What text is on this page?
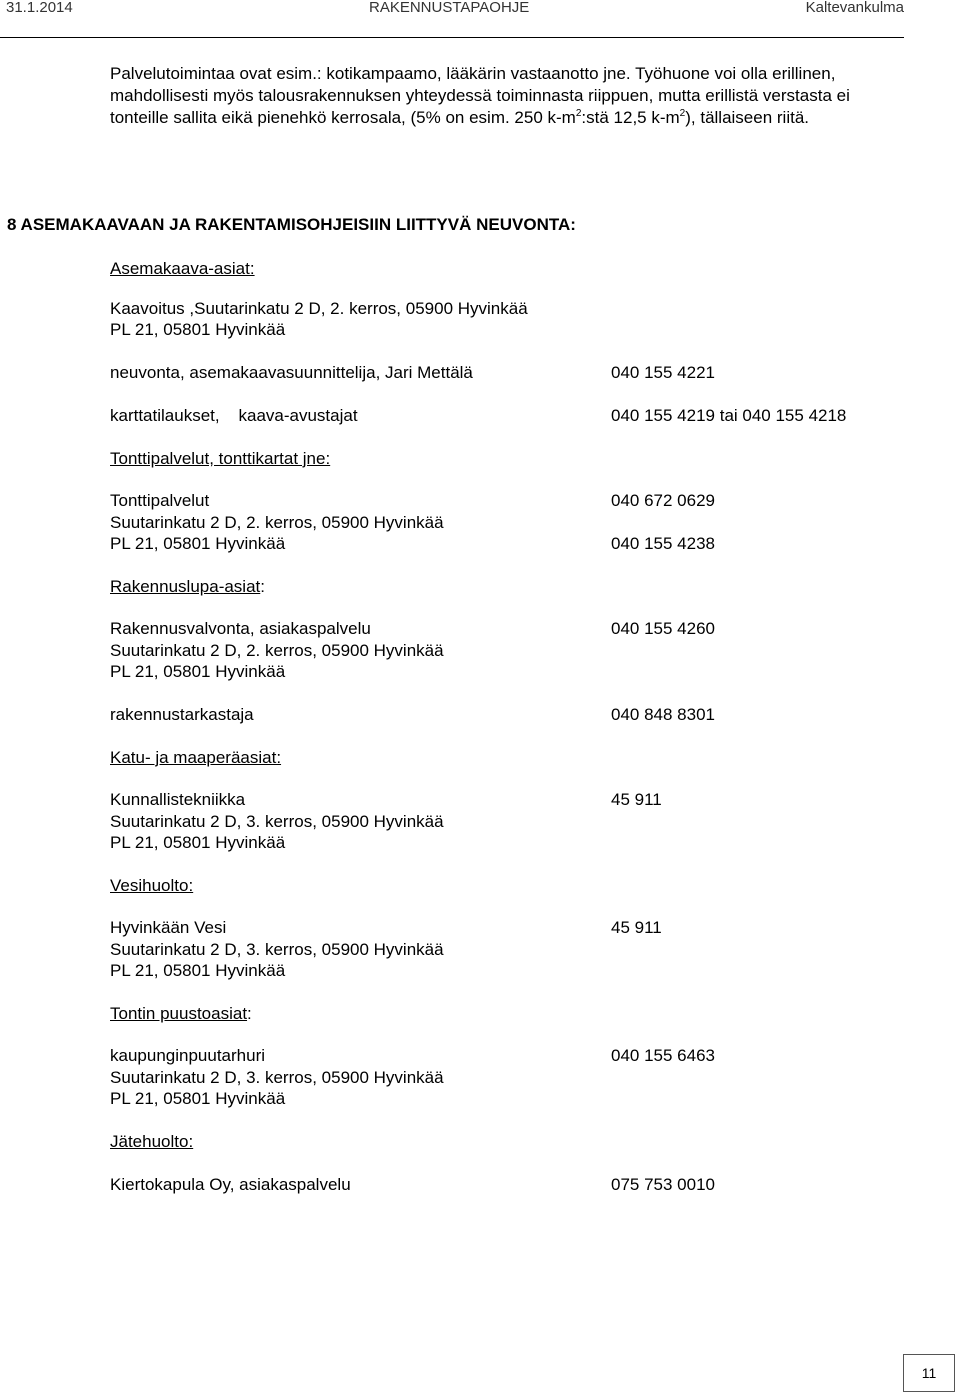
31.1.2014	RAKENNUSTAPAOHJE	Kaltevankulma

Palvelutoimintaa ovat esim.: kotikampaamo, lääkärin vastaanotto jne. Työhuone voi olla erillinen, mahdollisesti myös talousrakennuksen yhteydessä toiminnasta riippuen, mutta erillistä verstasta ei tonteille sallita eikä pienehkö kerrosala, (5% on esim. 250 $k-m^2:stä$ 12,5 $k-m^2$), tällaiseen riitä.

8 ASEMAKAAVAAN JA RAKENTAMISOHJEISIIN LIITTYVÄ NEUVONTA:
Asemakaava-asiat:
Kaavoitus ,Suutarinkatu 2 D, 2. kerros, 05900 Hyvinkää
PL 21, 05801 Hyvinkää
neuvonta, asemakaavasuunnittelija, Jari Mettälä	040 155 4221
karttatilaukset,    kaava-avustajat	040 155 4219 tai 040 155 4218
Tonttipalvelut, tonttikartat jne:
Tonttipalvelut	040 672 0629
Suutarinkatu 2 D, 2. kerros, 05900 Hyvinkää
PL 21, 05801 Hyvinkää	040 155 4238
Rakennuslupa-asiat:
Rakennusvalvonta, asiakaspalvelu	040 155 4260
Suutarinkatu 2 D, 2. kerros, 05900 Hyvinkää
PL 21, 05801 Hyvinkää
rakennustarkastaja	040 848 8301
Katu- ja maaperäasiat:
Kunnallistekniikka	45 911
Suutarinkatu 2 D, 3. kerros, 05900 Hyvinkää
PL 21, 05801 Hyvinkää
Vesihuolto:
Hyvinkään Vesi	45 911
Suutarinkatu 2 D, 3. kerros, 05900 Hyvinkää
PL 21, 05801 Hyvinkää
Tontin puustoasiat:
kaupunginpuutarhuri	040 155 6463
Suutarinkatu 2 D, 3. kerros, 05900 Hyvinkää
PL 21, 05801 Hyvinkää
Jätehuolto:
Kiertokapula Oy, asiakaspalvelu	075 753 0010
11
